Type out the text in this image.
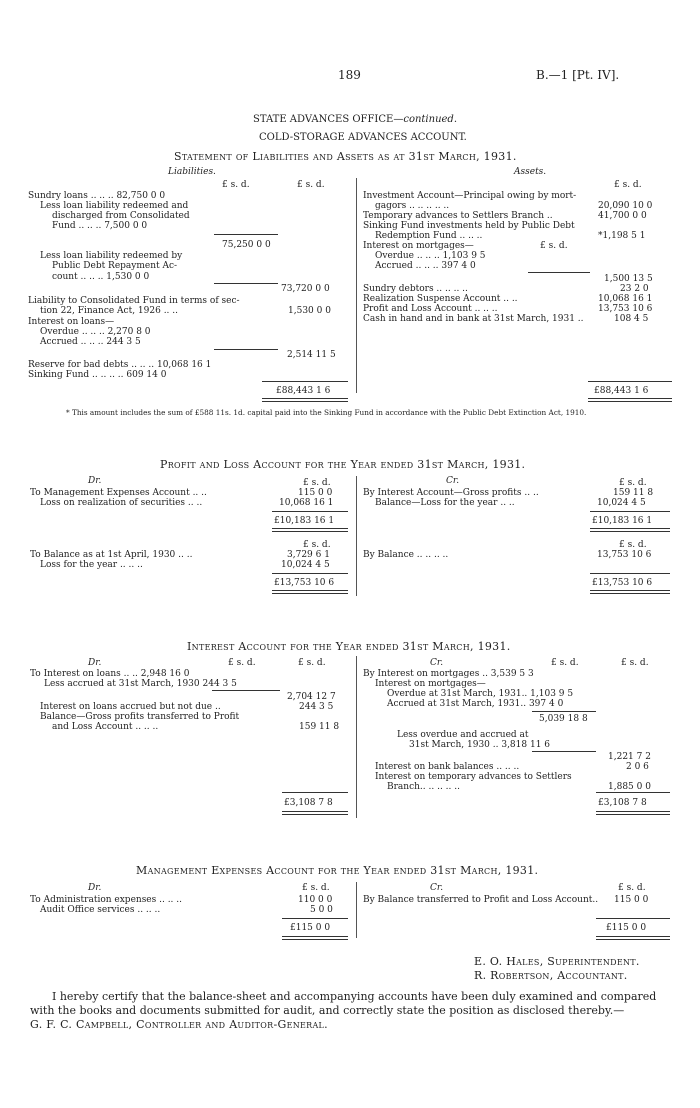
189	B.—1 [Pt. IV].
STATE ADVANCES OFFICE—continued.
COLD-STORAGE ADVANCES ACCOUNT.
Statement of Liabilities and Assets as at 31st March, 1931.
Liabilities.	Assets.
£ s. d.	£ s. d.	£ s. d.
Sundry loans .. .. .. 82,750 0 0
Less loan liability redeemed and
discharged from Consolidated
Fund .. .. .. 7,500 0 0
75,250 0 0
Less loan liability redeemed by
Public Debt Repayment Ac-
count .. .. .. 1,530 0 0
73,720 0 0
Liability to Consolidated Fund in terms of sec-
tion 22, Finance Act, 1926 .. ..	1,530 0 0
Interest on loans—
Overdue .. .. .. 2,270 8 0
Accrued .. .. .. 244 3 5
2,514 11 5
Reserve for bad debts .. .. .. 10,068 16 1
Sinking Fund .. .. .. .. 609 14 0
£88,443 1 6
Investment Account—Principal owing by mort-
gagors .. .. .. .. ..	20,090 10 0
Temporary advances to Settlers Branch ..	41,700 0 0
Sinking Fund investments held by Public Debt
Redemption Fund .. .. ..	*1,198 5 1
Interest on mortgages—	£ s. d.
Overdue .. .. .. 1,103 9 5
Accrued .. .. .. 397 4 0
1,500 13 5
Sundry debtors .. .. .. ..	23 2 0
Realization Suspense Account .. ..	10,068 16 1
Profit and Loss Account .. .. ..	13,753 10 6
Cash in hand and in bank at 31st March, 1931 ..	108 4 5
£88,443 1 6
* This amount includes the sum of £588 11s. 1d. capital paid into the Sinking Fund in accordance with the Public Debt Extinction Act, 1910.
Profit and Loss Account for the Year ended 31st March, 1931.
Dr.	Cr.
£ s. d.	£ s. d.
To Management Expenses Account .. ..	115 0 0
Loss on realization of securities .. ..	10,068 16 1
£10,183 16 1
£ s. d.	£ s. d.
To Balance as at 1st April, 1930 .. ..	3,729 6 1
Loss for the year .. .. ..	10,024 4 5
£13,753 10 6
By Interest Account—Gross profits .. ..	159 11 8
Balance—Loss for the year .. ..	10,024 4 5
£10,183 16 1
By Balance .. .. .. ..	13,753 10 6
£13,753 10 6
Interest Account for the Year ended 31st March, 1931.
Dr.	Cr.
£ s. d.	£ s. d.	£ s. d.	£ s. d.
To Interest on loans .. .. 2,948 16 0
Less accrued at 31st March, 1930 244 3 5
2,704 12 7
Interest on loans accrued but not due ..	244 3 5
Balance—Gross profits transferred to Profit
and Loss Account .. .. ..	159 11 8
£3,108 7 8
By Interest on mortgages .. 3,539 5 3
Interest on mortgages—
Overdue at 31st March, 1931.. 1,103 9 5
Accrued at 31st March, 1931.. 397 4 0
5,039 18 8
Less overdue and accrued at
31st March, 1930 .. 3,818 11 6
1,221 7 2
Interest on bank balances .. .. ..	2 0 6
Interest on temporary advances to Settlers
Branch.. .. .. .. ..	1,885 0 0
£3,108 7 8
Management Expenses Account for the Year ended 31st March, 1931.
Dr.	Cr.
£ s. d.	£ s. d.
To Administration expenses .. .. ..	110 0 0
Audit Office services .. .. ..	5 0 0
£115 0 0
By Balance transferred to Profit and Loss Account.. 115 0 0
£115 0 0
E. O. Hales, Superintendent.
R. Robertson, Accountant.
I hereby certify that the balance-sheet and accompanying accounts have been duly examined and compared
with the books and documents submitted for audit, and correctly state the position as disclosed thereby.—
G. F. C. Campbell, Controller and Auditor-General.
